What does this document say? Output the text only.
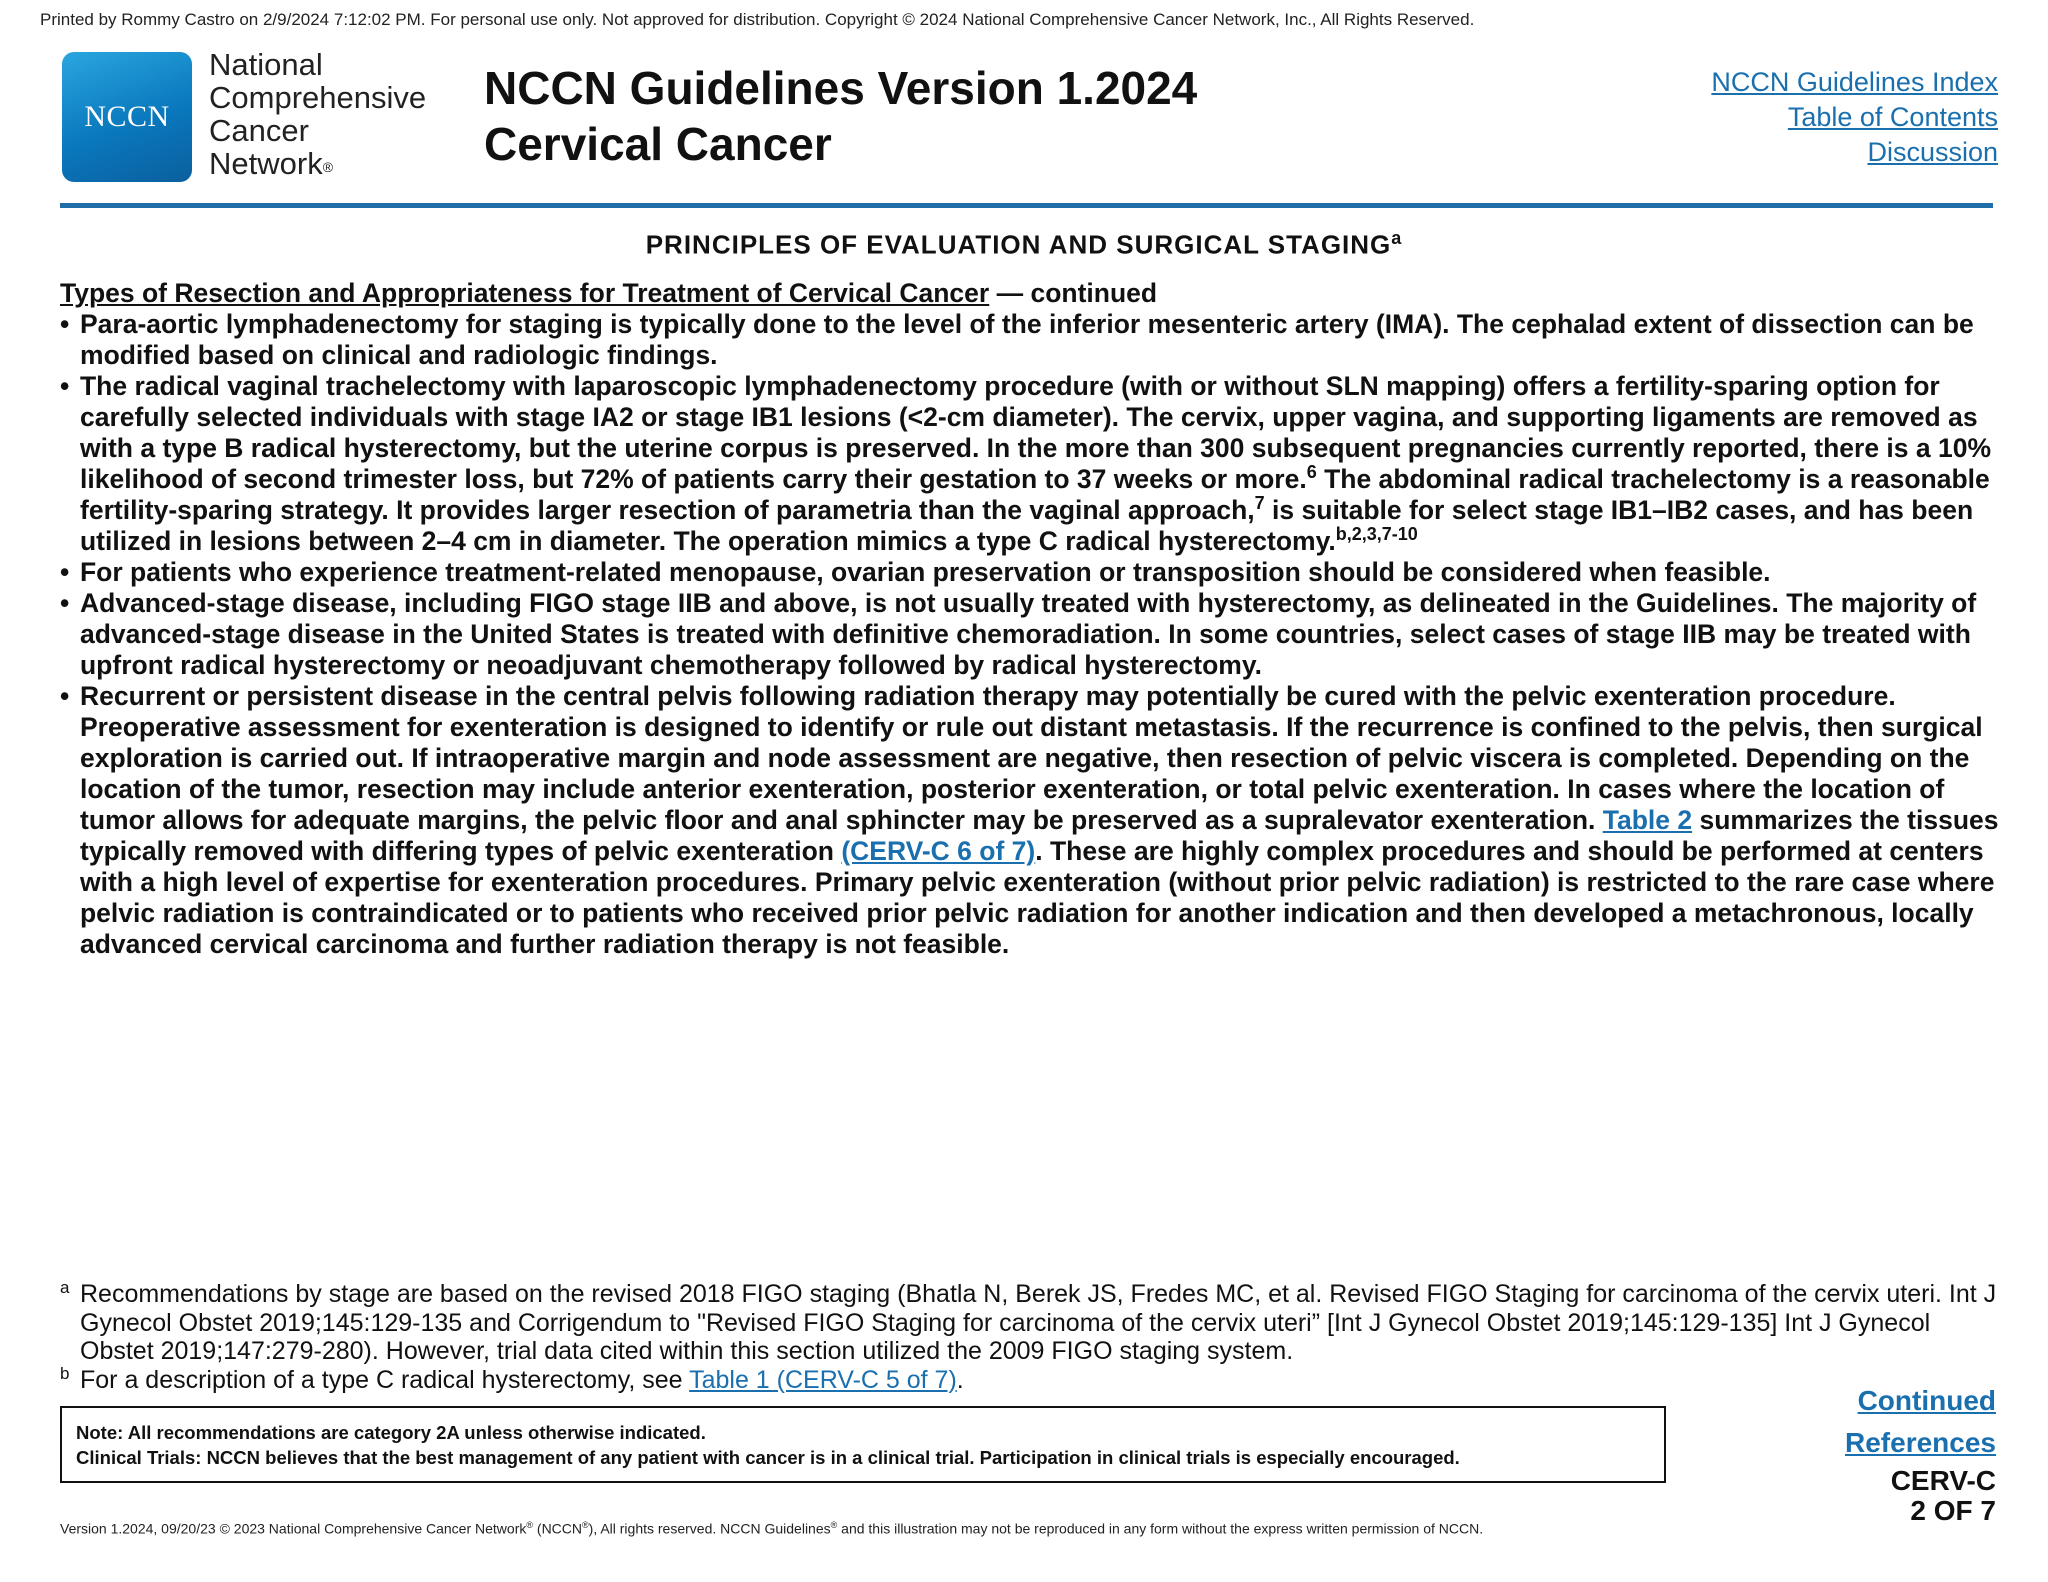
Printed by Rommy Castro on 2/9/2024 7:12:02 PM. For personal use only. Not approved for distribution. Copyright © 2024 National Comprehensive Cancer Network, Inc., All Rights Reserved.
NCCN
National
Comprehensive
Cancer
Network®
NCCN Guidelines Version 1.2024
Cervical Cancer
NCCN Guidelines Index
Table of Contents
Discussion
PRINCIPLES OF EVALUATION AND SURGICAL STAGING$^a$

Types of Resection and Appropriateness for Treatment of Cervical Cancer — continued

• Para-aortic lymphadenectomy for staging is typically done to the level of the inferior mesenteric artery (IMA). The cephalad extent of dissection can be modified based on clinical and radiologic findings.
• The radical vaginal trachelectomy with laparoscopic lymphadenectomy procedure (with or without SLN mapping) offers a fertility-sparing option for carefully selected individuals with stage IA2 or stage IB1 lesions (<2-cm diameter). The cervix, upper vagina, and supporting ligaments are removed as with a type B radical hysterectomy, but the uterine corpus is preserved. In the more than 300 subsequent pregnancies currently reported, there is a 10% likelihood of second trimester loss, but 72% of patients carry their gestation to 37 weeks or more.$^6$ The abdominal radical trachelectomy is a reasonable fertility-sparing strategy. It provides larger resection of parametria than the vaginal approach,$^7$ is suitable for select stage IB1–IB2 cases, and has been utilized in lesions between 2–4 cm in diameter. The operation mimics a type C radical hysterectomy.$^{b,2,3,7-10}$
• For patients who experience treatment-related menopause, ovarian preservation or transposition should be considered when feasible.
• Advanced-stage disease, including FIGO stage IIB and above, is not usually treated with hysterectomy, as delineated in the Guidelines. The majority of advanced-stage disease in the United States is treated with definitive chemoradiation. In some countries, select cases of stage IIB may be treated with upfront radical hysterectomy or neoadjuvant chemotherapy followed by radical hysterectomy.
• Recurrent or persistent disease in the central pelvis following radiation therapy may potentially be cured with the pelvic exenteration procedure. Preoperative assessment for exenteration is designed to identify or rule out distant metastasis. If the recurrence is confined to the pelvis, then surgical exploration is carried out. If intraoperative margin and node assessment are negative, then resection of pelvic viscera is completed. Depending on the location of the tumor, resection may include anterior exenteration, posterior exenteration, or total pelvic exenteration. In cases where the location of tumor allows for adequate margins, the pelvic floor and anal sphincter may be preserved as a supralevator exenteration. Table 2 summarizes the tissues typically removed with differing types of pelvic exenteration (CERV-C 6 of 7). These are highly complex procedures and should be performed at centers with a high level of expertise for exenteration procedures. Primary pelvic exenteration (without prior pelvic radiation) is restricted to the rare case where pelvic radiation is contraindicated or to patients who received prior pelvic radiation for another indication and then developed a metachronous, locally advanced cervical carcinoma and further radiation therapy is not feasible.

a Recommendations by stage are based on the revised 2018 FIGO staging (Bhatla N, Berek JS, Fredes MC, et al. Revised FIGO Staging for carcinoma of the cervix uteri. Int J Gynecol Obstet 2019;145:129-135 and Corrigendum to "Revised FIGO Staging for carcinoma of the cervix uteri” [Int J Gynecol Obstet 2019;145:129-135] Int J Gynecol Obstet 2019;147:279-280). However, trial data cited within this section utilized the 2009 FIGO staging system.

b For a description of a type C radical hysterectomy, see Table 1 (CERV-C 5 of 7).

Note: All recommendations are category 2A unless otherwise indicated.

Clinical Trials: NCCN believes that the best management of any patient with cancer is in a clinical trial. Participation in clinical trials is especially encouraged.

Continued
References
CERV-C
2 OF 7
Version 1.2024, 09/20/23 © 2023 National Comprehensive Cancer Network® (NCCN®), All rights reserved. NCCN Guidelines® and this illustration may not be reproduced in any form without the express written permission of NCCN.
